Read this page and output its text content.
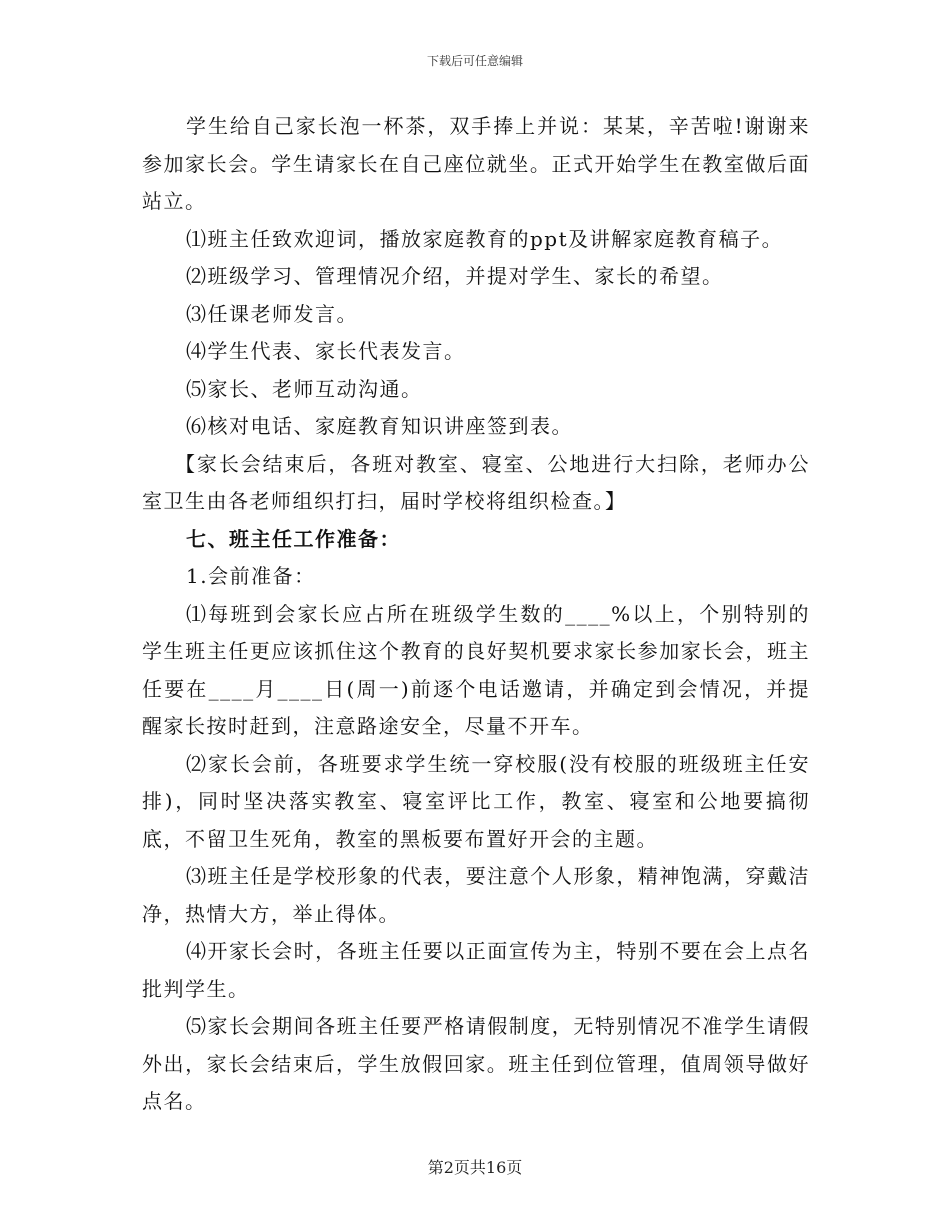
下载后可任意编辑

学生给自己家长泡一杯茶，双手捧上并说：某某，辛苦啦!谢谢来参加家长会。学生请家长在自己座位就坐。正式开始学生在教室做后面站立。

⑴班主任致欢迎词，播放家庭教育的ppt及讲解家庭教育稿子。

⑵班级学习、管理情况介绍，并提对学生、家长的希望。

⑶任课老师发言。

⑷学生代表、家长代表发言。

⑸家长、老师互动沟通。

⑹核对电话、家庭教育知识讲座签到表。

【家长会结束后，各班对教室、寝室、公地进行大扫除，老师办公室卫生由各老师组织打扫，届时学校将组织检查。】

七、班主任工作准备：

1.会前准备：

⑴每班到会家长应占所在班级学生数的____%以上，个别特别的学生班主任更应该抓住这个教育的良好契机要求家长参加家长会，班主任要在____月____日(周一)前逐个电话邀请，并确定到会情况，并提醒家长按时赶到，注意路途安全，尽量不开车。

⑵家长会前，各班要求学生统一穿校服(没有校服的班级班主任安排)，同时坚决落实教室、寝室评比工作，教室、寝室和公地要搞彻底，不留卫生死角，教室的黑板要布置好开会的主题。

⑶班主任是学校形象的代表，要注意个人形象，精神饱满，穿戴洁净，热情大方，举止得体。

⑷开家长会时，各班主任要以正面宣传为主，特别不要在会上点名批判学生。

⑸家长会期间各班主任要严格请假制度，无特别情况不准学生请假外出，家长会结束后，学生放假回家。班主任到位管理，值周领导做好点名。

第2页共16页
